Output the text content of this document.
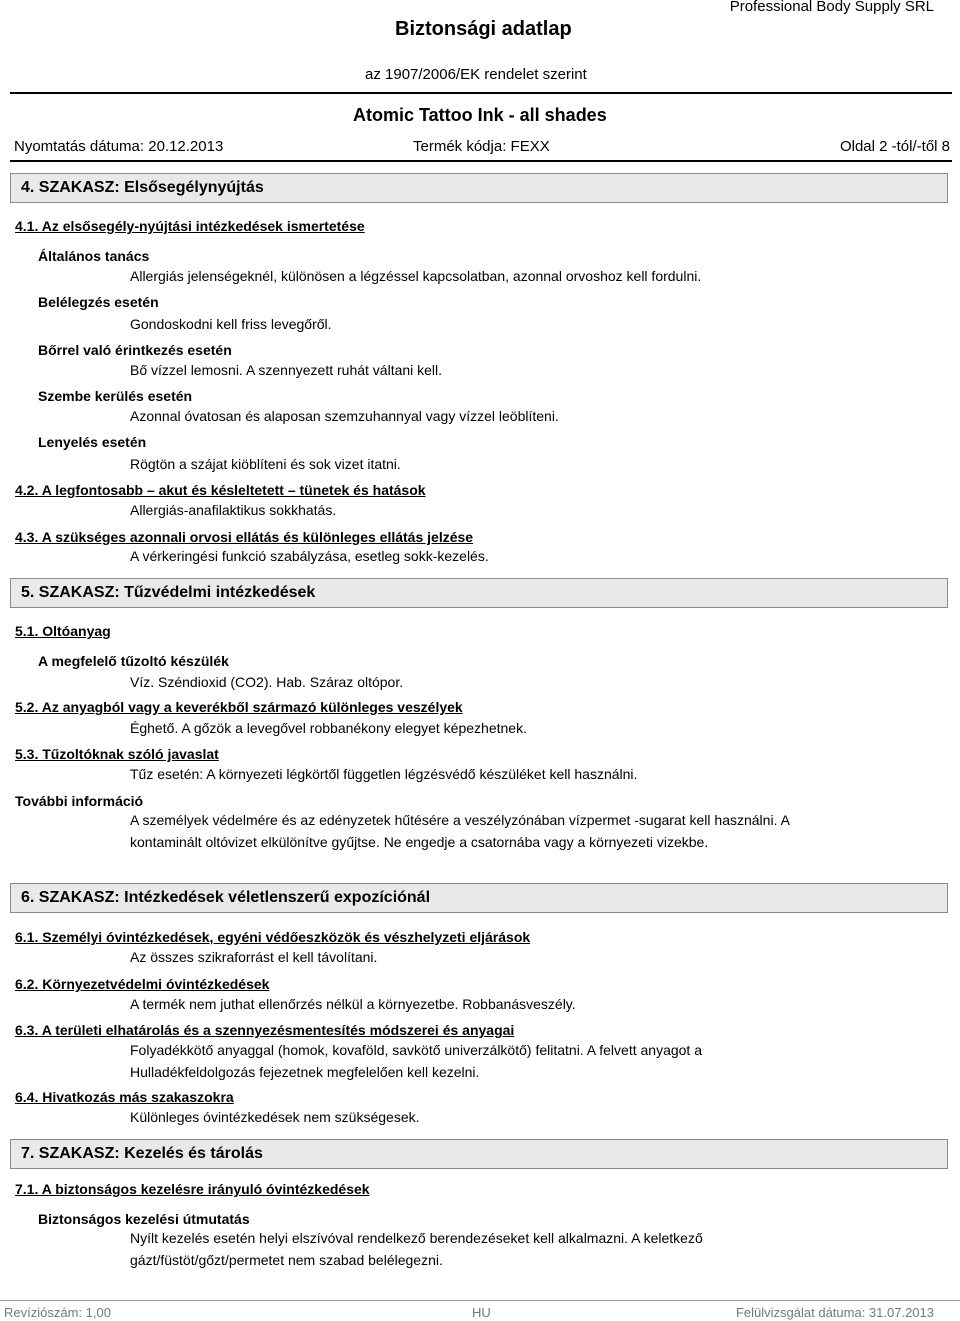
Biztonsági adatlap
Professional Body Supply SRL
az 1907/2006/EK rendelet szerint
Atomic Tattoo Ink - all shades
Nyomtatás dátuma: 20.12.2013	Termék kódja: FEXX	Oldal 2 -tól/-től 8
4. SZAKASZ: Elsősegélynyújtás
4.1. Az elsősegély-nyújtási intézkedések ismertetése
Általános tanács
Allergiás jelenségeknél, különösen a légzéssel kapcsolatban, azonnal orvoshoz kell fordulni.
Belélegzés esetén
Gondoskodni kell friss levegőről.
Bőrrel való érintkezés esetén
Bő vízzel lemosni. A szennyezett ruhát váltani kell.
Szembe kerülés esetén
Azonnal óvatosan és alaposan szemzuhannyal vagy vízzel leöblíteni.
Lenyelés esetén
Rögtön a szájat kiöblíteni és sok vizet itatni.
4.2. A legfontosabb – akut és késleltetett – tünetek és hatások
Allergiás-anafilaktikus sokkhatás.
4.3. A szükséges azonnali orvosi ellátás és különleges ellátás jelzése
A vérkeringési funkció szabályzása, esetleg sokk-kezelés.
5. SZAKASZ: Tűzvédelmi intézkedések
5.1. Oltóanyag
A megfelelő tűzoltó készülék
Víz. Széndioxid (CO2). Hab. Száraz oltópor.
5.2. Az anyagból vagy a keverékből származó különleges veszélyek
Éghető. A gőzök a levegővel robbanékony elegyet képezhetnek.
5.3. Tűzoltóknak szóló javaslat
Tűz esetén: A környezeti légkörtől független légzésvédő készüléket kell használni.
További információ
A személyek védelmére és az edényzetek hűtésére a veszélyzónában vízpermet -sugarat kell használni. A kontaminált oltóvizet elkülönítve gyűjtse. Ne engedje a csatornába vagy a környezeti vizekbe.
6. SZAKASZ: Intézkedések véletlenszerű expozíciónál
6.1. Személyi óvintézkedések, egyéni védőeszközök és vészhelyzeti eljárások
Az összes szikraforrást el kell távolítani.
6.2. Környezetvédelmi óvintézkedések
A termék nem juthat ellenőrzés nélkül a környezetbe. Robbanásveszély.
6.3. A területi elhatárolás és a szennyezésmentesítés módszerei és anyagai
Folyadékkötő anyaggal (homok, kovaföld, savkötő univerzálkötő) felitatni. A felvett anyagot a Hulladékfeldolgozás fejezetnek megfelelően kell kezelni.
6.4. Hivatkozás más szakaszokra
Különleges óvintézkedések nem szükségesek.
7. SZAKASZ: Kezelés és tárolás
7.1. A biztonságos kezelésre irányuló óvintézkedések
Biztonságos kezelési útmutatás
Nyílt kezelés esetén helyi elszívóval rendelkező berendezéseket kell alkalmazni. A keletkező gázt/füstöt/gőzt/permetet nem szabad belélegezni.
Revíziószám: 1,00	HU	Felülvizsgálat dátuma: 31.07.2013
